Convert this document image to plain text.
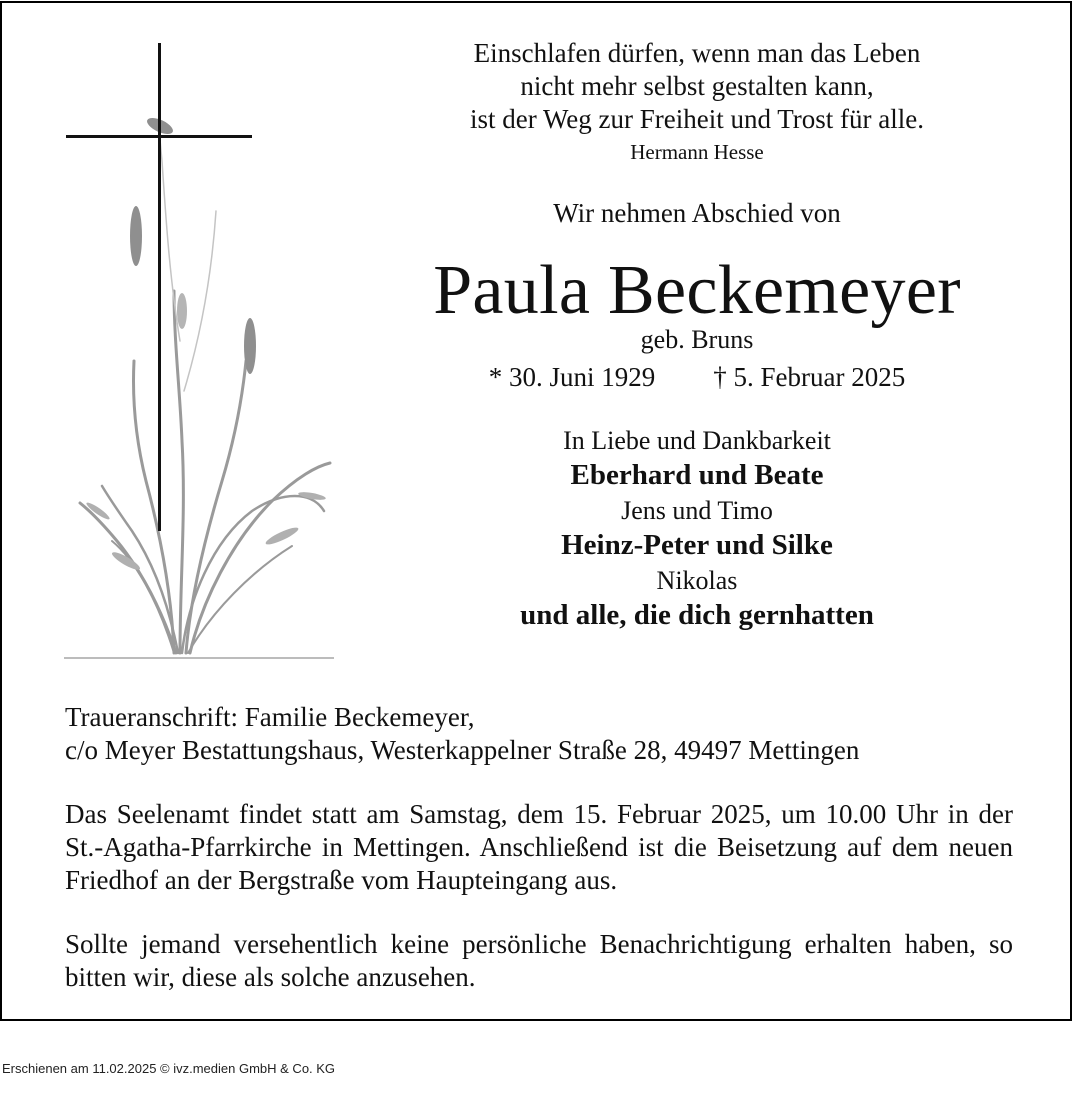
Einschlafen dürfen, wenn man das Leben
nicht mehr selbst gestalten kann,
ist der Weg zur Freiheit und Trost für alle.
Hermann Hesse
Wir nehmen Abschied von
Paula Beckemeyer
geb. Bruns
* 30. Juni 1929 † 5. Februar 2025
In Liebe und Dankbarkeit
Eberhard und Beate
Jens und Timo
Heinz-Peter und Silke
Nikolas
und alle, die dich gernhatten
Traueranschrift: Familie Beckemeyer,
c/o Meyer Bestattungshaus, Westerkappelner Straße 28, 49497 Mettingen
Das Seelenamt findet statt am Samstag, dem 15. Februar 2025, um 10.00 Uhr in der St.-Agatha-Pfarrkirche in Mettingen. Anschließend ist die Beisetzung auf dem neuen Friedhof an der Bergstraße vom Haupteingang aus.
Sollte jemand versehentlich keine persönliche Benachrichtigung erhalten haben, so bitten wir, diese als solche anzusehen.
Erschienen am 11.02.2025 © ivz.medien GmbH & Co. KG
